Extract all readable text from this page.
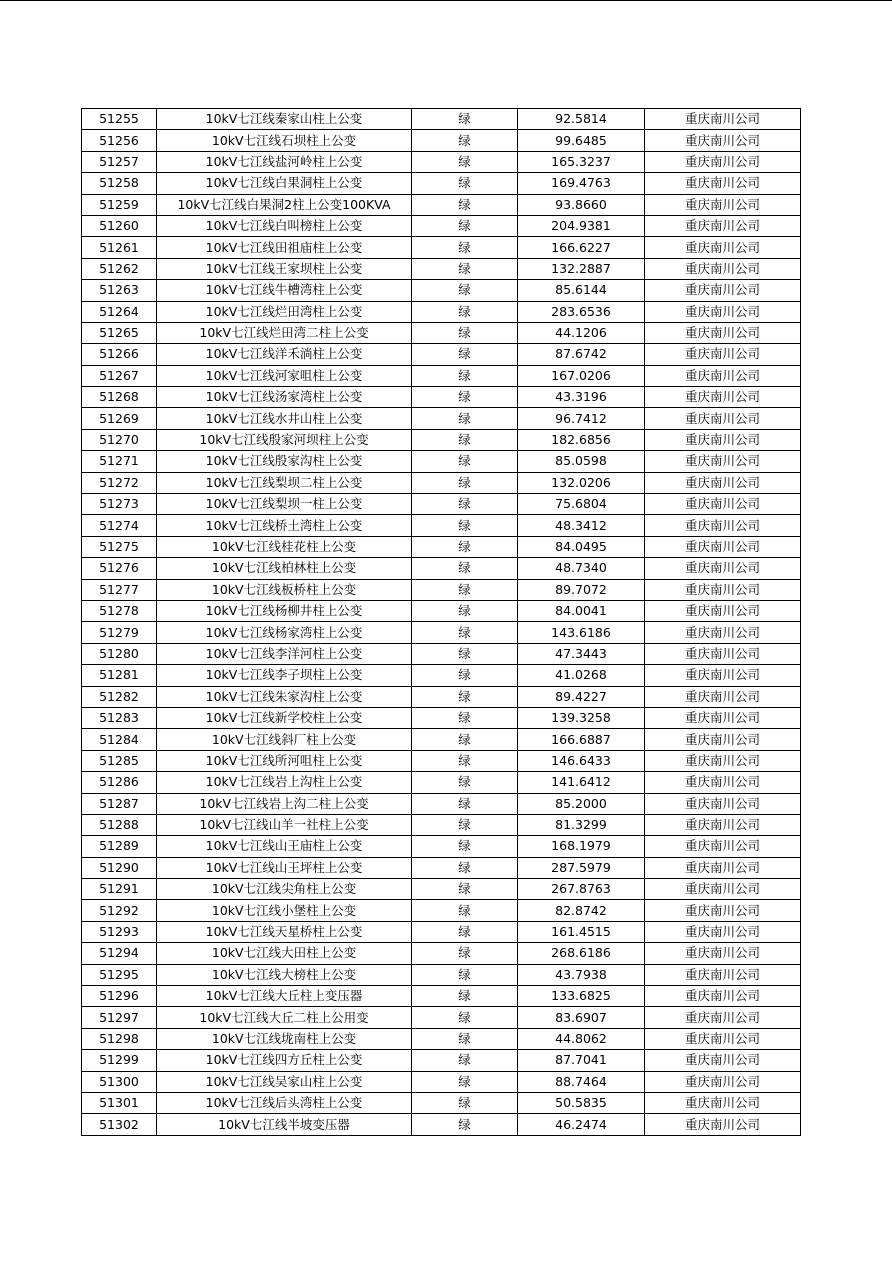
51255	10kV七江线秦家山柱上公变	绿	92.5814	重庆南川公司
51256	10kV七江线石坝柱上公变	绿	99.6485	重庆南川公司
51257	10kV七江线盐河岭柱上公变	绿	165.3237	重庆南川公司
51258	10kV七江线白果洞柱上公变	绿	169.4763	重庆南川公司
51259	10kV七江线白果洞2柱上公变100KVA	绿	93.8660	重庆南川公司
51260	10kV七江线白叫榜柱上公变	绿	204.9381	重庆南川公司
51261	10kV七江线田祖庙柱上公变	绿	166.6227	重庆南川公司
51262	10kV七江线王家坝柱上公变	绿	132.2887	重庆南川公司
51263	10kV七江线牛槽湾柱上公变	绿	85.6144	重庆南川公司
51264	10kV七江线烂田湾柱上公变	绿	283.6536	重庆南川公司
51265	10kV七江线烂田湾二柱上公变	绿	44.1206	重庆南川公司
51266	10kV七江线洋禾淌柱上公变	绿	87.6742	重庆南川公司
51267	10kV七江线河家咀柱上公变	绿	167.0206	重庆南川公司
51268	10kV七江线汤家湾柱上公变	绿	43.3196	重庆南川公司
51269	10kV七江线水井山柱上公变	绿	96.7412	重庆南川公司
51270	10kV七江线殷家河坝柱上公变	绿	182.6856	重庆南川公司
51271	10kV七江线殷家沟柱上公变	绿	85.0598	重庆南川公司
51272	10kV七江线梨坝二柱上公变	绿	132.0206	重庆南川公司
51273	10kV七江线梨坝一柱上公变	绿	75.6804	重庆南川公司
51274	10kV七江线桥土湾柱上公变	绿	48.3412	重庆南川公司
51275	10kV七江线桂花柱上公变	绿	84.0495	重庆南川公司
51276	10kV七江线柏林柱上公变	绿	48.7340	重庆南川公司
51277	10kV七江线板桥柱上公变	绿	89.7072	重庆南川公司
51278	10kV七江线杨柳井柱上公变	绿	84.0041	重庆南川公司
51279	10kV七江线杨家湾柱上公变	绿	143.6186	重庆南川公司
51280	10kV七江线李洋河柱上公变	绿	47.3443	重庆南川公司
51281	10kV七江线李子坝柱上公变	绿	41.0268	重庆南川公司
51282	10kV七江线朱家沟柱上公变	绿	89.4227	重庆南川公司
51283	10kV七江线新学校柱上公变	绿	139.3258	重庆南川公司
51284	10kV七江线斜厂柱上公变	绿	166.6887	重庆南川公司
51285	10kV七江线所河咀柱上公变	绿	146.6433	重庆南川公司
51286	10kV七江线岩上沟柱上公变	绿	141.6412	重庆南川公司
51287	10kV七江线岩上沟二柱上公变	绿	85.2000	重庆南川公司
51288	10kV七江线山羊一社柱上公变	绿	81.3299	重庆南川公司
51289	10kV七江线山王庙柱上公变	绿	168.1979	重庆南川公司
51290	10kV七江线山王坪柱上公变	绿	287.5979	重庆南川公司
51291	10kV七江线尖角柱上公变	绿	267.8763	重庆南川公司
51292	10kV七江线小堡柱上公变	绿	82.8742	重庆南川公司
51293	10kV七江线天星桥柱上公变	绿	161.4515	重庆南川公司
51294	10kV七江线大田柱上公变	绿	268.6186	重庆南川公司
51295	10kV七江线大榜柱上公变	绿	43.7938	重庆南川公司
51296	10kV七江线大丘柱上变压器	绿	133.6825	重庆南川公司
51297	10kV七江线大丘二柱上公用变	绿	83.6907	重庆南川公司
51298	10kV七江线垅南柱上公变	绿	44.8062	重庆南川公司
51299	10kV七江线四方丘柱上公变	绿	87.7041	重庆南川公司
51300	10kV七江线吴家山柱上公变	绿	88.7464	重庆南川公司
51301	10kV七江线后头湾柱上公变	绿	50.5835	重庆南川公司
51302	10kV七江线半坡变压器	绿	46.2474	重庆南川公司
